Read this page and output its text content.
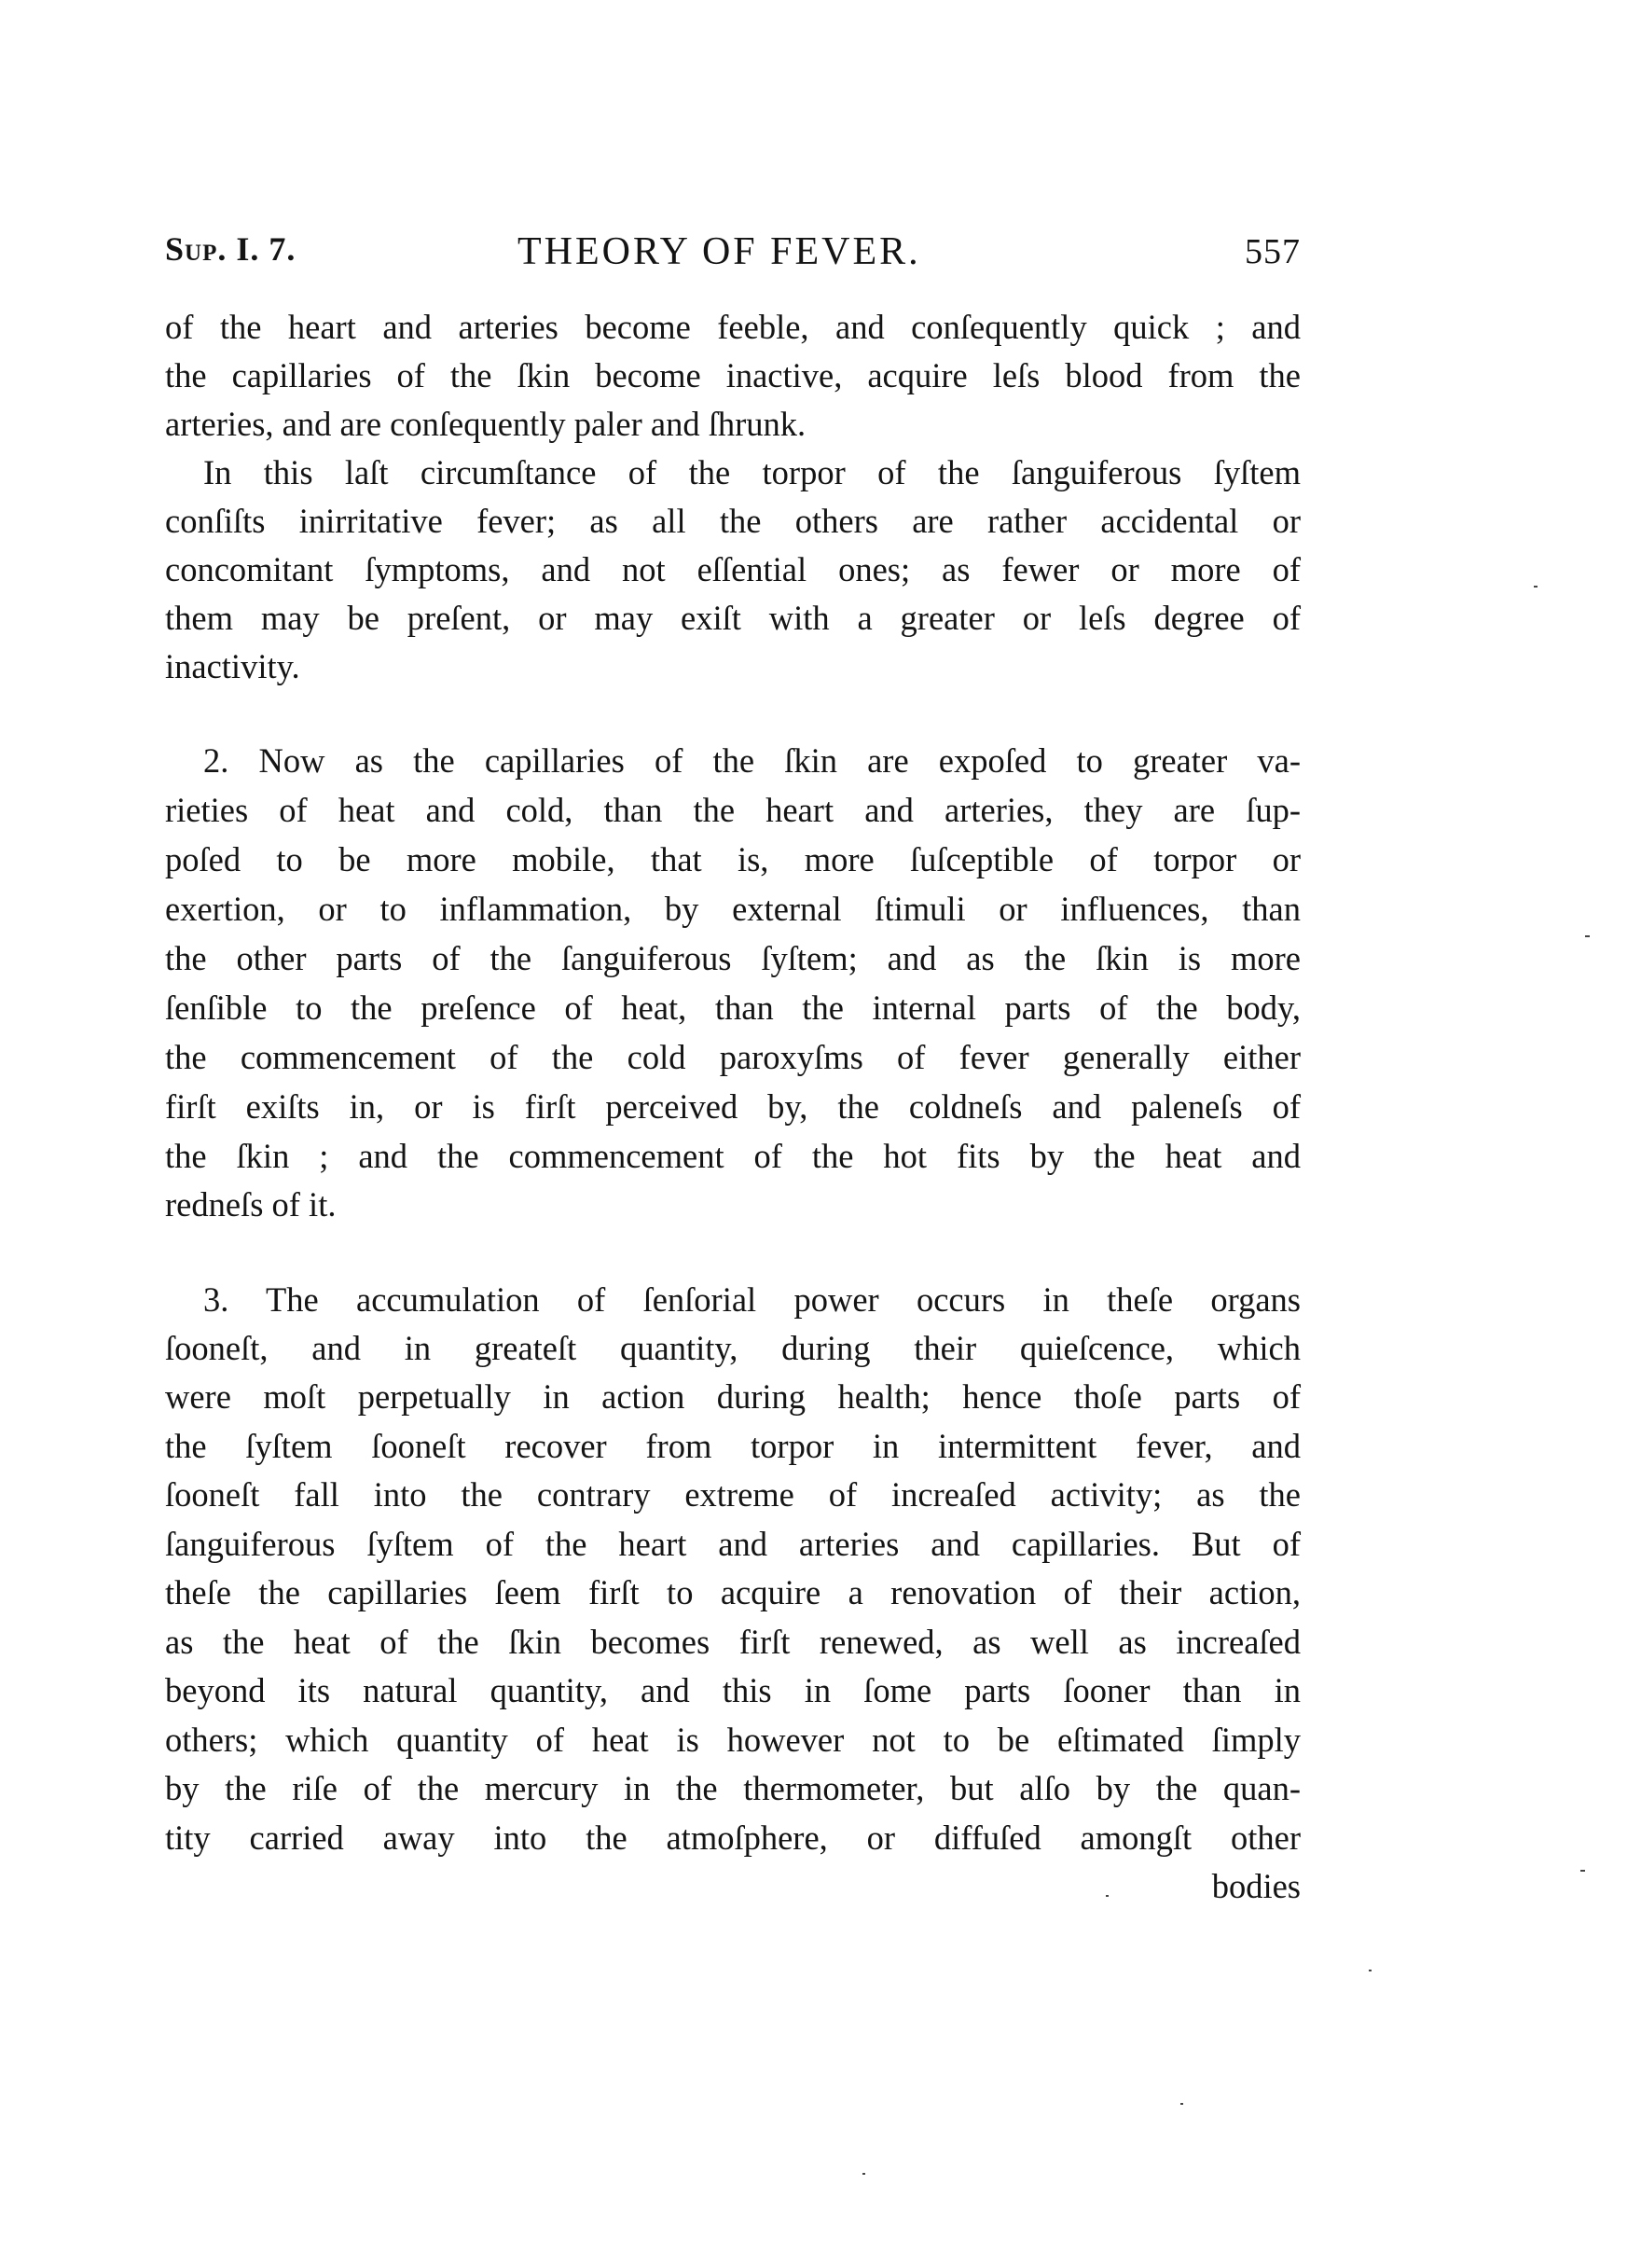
Sup. I. 7.	THEORY OF FEVER.	557
of the heart and arteries become feeble, and conſequently quick ; and
the capillaries of the ſkin become inactive, acquire leſs blood from the
arteries, and are conſequently paler and ſhrunk.
In this laſt circumſtance of the torpor of the ſanguiferous ſyſtem
conſiſts inirritative fever; as all the others are rather accidental or
concomitant ſymptoms, and not eſſential ones; as fewer or more of
them may be preſent, or may exiſt with a greater or leſs degree of
inactivity.
2. Now as the capillaries of the ſkin are expoſed to greater va-
rieties of heat and cold, than the heart and arteries, they are ſup-
poſed to be more mobile, that is, more ſuſceptible of torpor or
exertion, or to inflammation, by external ſtimuli or influences, than
the other parts of the ſanguiferous ſyſtem; and as the ſkin is more
ſenſible to the preſence of heat, than the internal parts of the body,
the commencement of the cold paroxyſms of fever generally either
firſt exiſts in, or is firſt perceived by, the coldneſs and paleneſs of
the ſkin ; and the commencement of the hot fits by the heat and
redneſs of it.
3. The accumulation of ſenſorial power occurs in theſe organs
ſooneſt, and in greateſt quantity, during their quieſcence, which
were moſt perpetually in action during health; hence thoſe parts of
the ſyſtem ſooneſt recover from torpor in intermittent fever, and
ſooneſt fall into the contrary extreme of increaſed activity; as the
ſanguiferous ſyſtem of the heart and arteries and capillaries. But of
theſe the capillaries ſeem firſt to acquire a renovation of their action,
as the heat of the ſkin becomes firſt renewed, as well as increaſed
beyond its natural quantity, and this in ſome parts ſooner than in
others; which quantity of heat is however not to be eſtimated ſimply
by the riſe of the mercury in the thermometer, but alſo by the quan-
tity carried away into the atmoſphere, or diffuſed amongſt other
bodies
